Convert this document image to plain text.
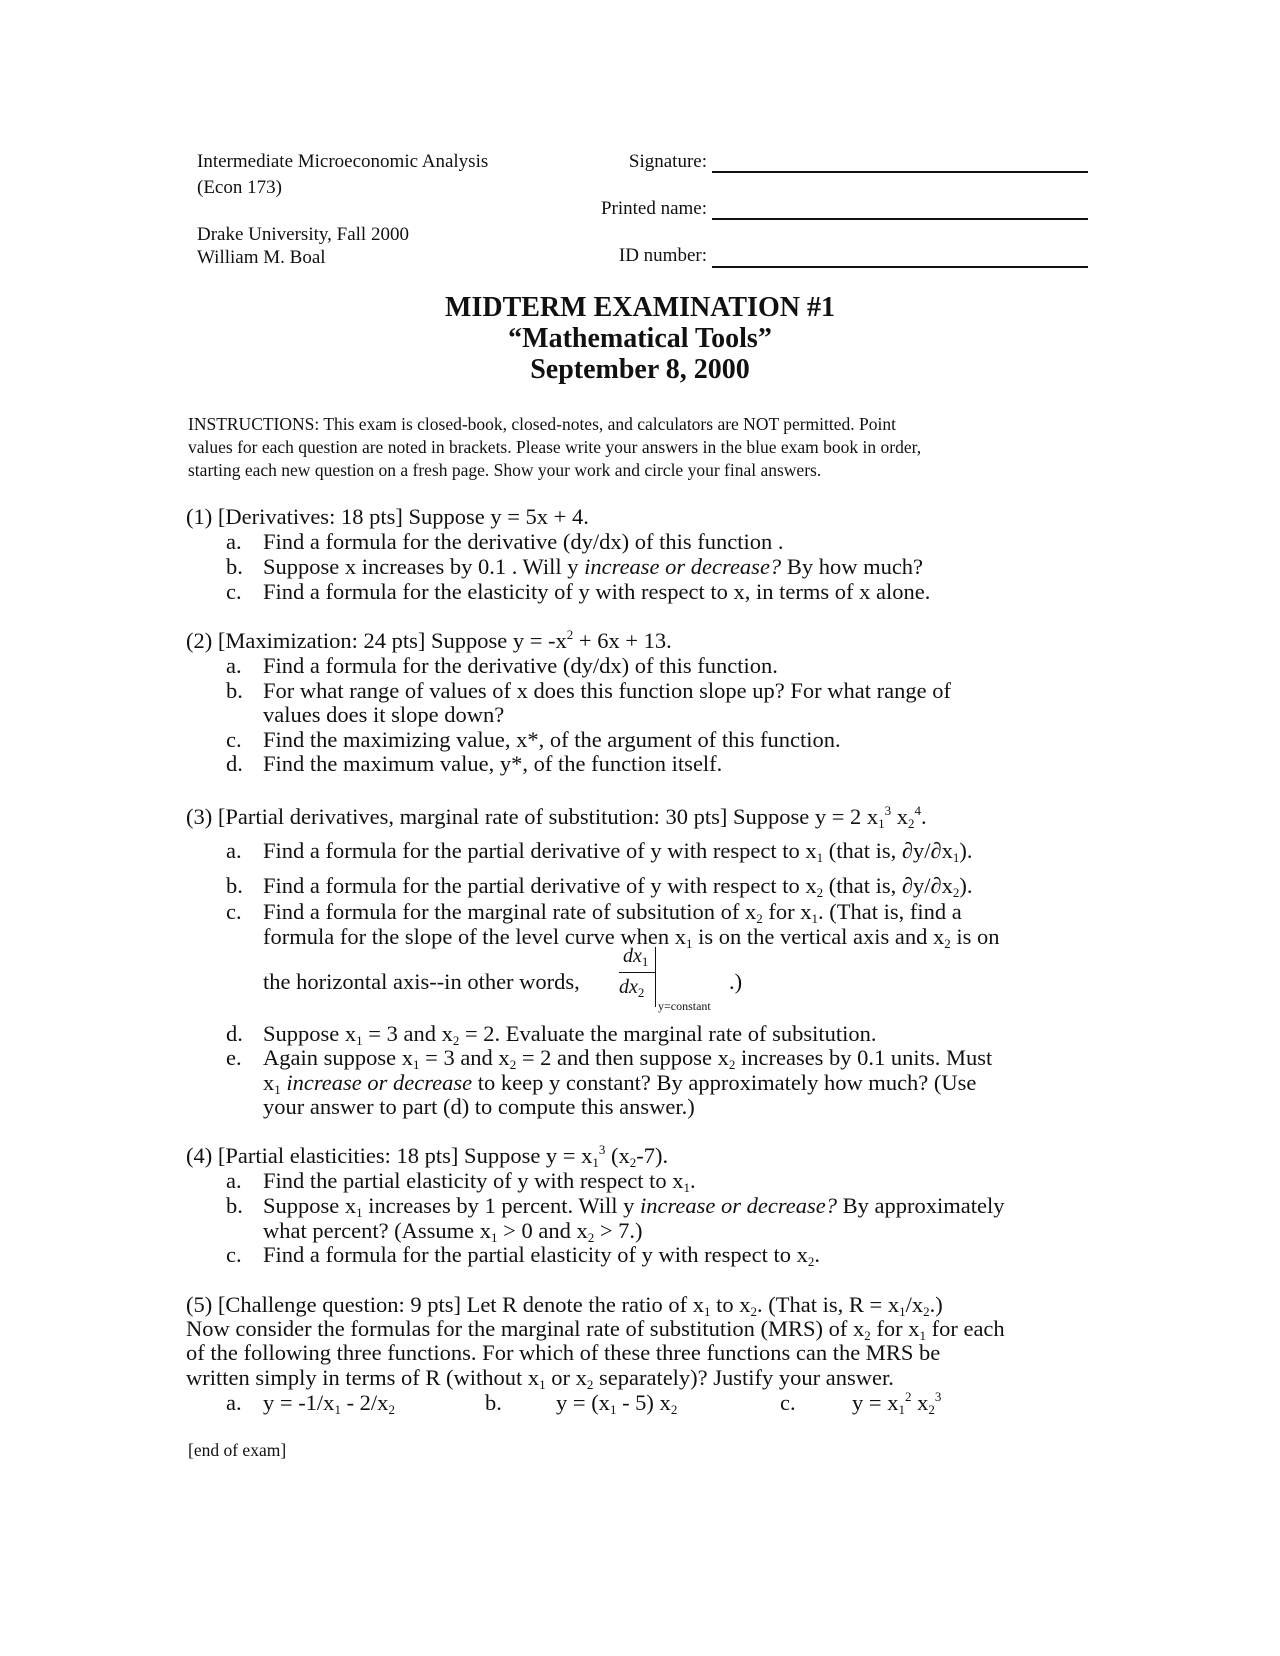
Intermediate Microeconomic Analysis
(Econ 173)
Drake University, Fall 2000
William M. Boal
Signature:
Printed name:
ID number:
MIDTERM EXAMINATION #1
“Mathematical Tools”
September 8, 2000
INSTRUCTIONS: This exam is closed-book, closed-notes, and calculators are NOT permitted. Point
values for each question are noted in brackets. Please write your answers in the blue exam book in order,
starting each new question on a fresh page. Show your work and circle your final answers.
(1) [Derivatives: 18 pts] Suppose y = 5x + 4.
a. Find a formula for the derivative (dy/dx) of this function .
b. Suppose x increases by 0.1 . Will y increase or decrease? By how much?
c. Find a formula for the elasticity of y with respect to x, in terms of x alone.
(2) [Maximization: 24 pts] Suppose $y = -x^2 + 6x + 13$.
a. Find a formula for the derivative (dy/dx) of this function.
b. For what range of values of x does this function slope up? For what range of
values does it slope down?
c. Find the maximizing value, x*, of the argument of this function.
d. Find the maximum value, y*, of the function itself.
(3) [Partial derivatives, marginal rate of substitution: 30 pts] Suppose y = 2 $x_1^3$ $x_2^4$.
a. Find a formula for the partial derivative of y with respect to $x_1$ (that is, $\partial y/\partial x_1$).
b. Find a formula for the partial derivative of y with respect to $x_2$ (that is, $\partial y/\partial x_2$).
c. Find a formula for the marginal rate of subsitution of $x_2$ for $x_1$. (That is, find a
formula for the slope of the level curve when $x_1$ is on the vertical axis and $x_2$ is on
the horizontal axis--in other words,
$dx_1$
$dx_2$
y=constant
.)
d. Suppose $x_1 = 3$ and $x_2 = 2$. Evaluate the marginal rate of subsitution.
e. Again suppose $x_1 = 3$ and $x_2 = 2$ and then suppose $x_2$ increases by 0.1 units. Must
$x_1$ increase or decrease to keep y constant? By approximately how much? (Use
your answer to part (d) to compute this answer.)
(4) [Partial elasticities: 18 pts] Suppose $y = x_1^3$ $(x_2-7)$.
a. Find the partial elasticity of y with respect to $x_1$.
b. Suppose $x_1$ increases by 1 percent. Will y increase or decrease? By approximately
what percent? (Assume $x_1 > 0$ and $x_2 > 7$.)
c. Find a formula for the partial elasticity of y with respect to $x_2$.
(5) [Challenge question: 9 pts] Let R denote the ratio of $x_1$ to $x_2$. (That is, $R = x_1/x_2$.)
Now consider the formulas for the marginal rate of substitution (MRS) of $x_2$ for $x_1$ for each
of the following three functions. For which of these three functions can the MRS be
written simply in terms of R (without $x_1$ or $x_2$ separately)? Justify your answer.
a. $y = -1/x_1 - 2/x_2$	b.	$y = (x_1 - 5)$ $x_2$	c.	$y = x_1^2$ $x_2^3$
[end of exam]
